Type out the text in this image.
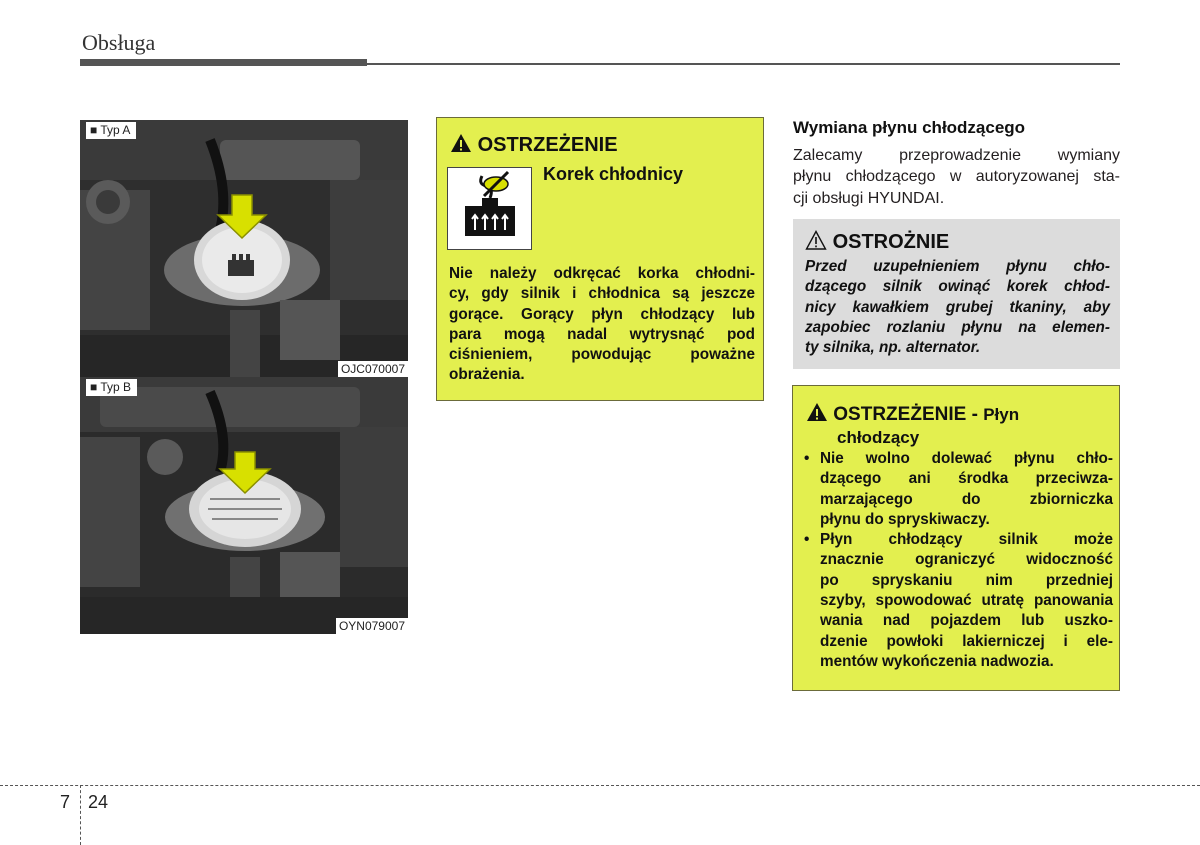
Obsługa
■ Typ A
OJC070007
■ Typ B
OYN079007
OSTRZEŻENIE
Korek chłodnicy
Nie należy odkręcać korka chłodni-
cy, gdy silnik i chłodnica są jeszcze
gorące. Gorący płyn chłodzący lub
para mogą nadal wytrysnąć pod
ciśnieniem, powodując poważne
obrażenia.
Wymiana płynu chłodzącego
Zalecamy przeprowadzenie wymiany
płynu chłodzącego w autoryzowanej sta-
cji obsługi HYUNDAI.
OSTROŻNIE
Przed uzupełnieniem płynu chło-
dzącego silnik owinąć korek chłod-
nicy kawałkiem grubej tkaniny, aby
zapobiec rozlaniu płynu na elemen-
ty silnika, np. alternator.
OSTRZEŻENIE - Płyn
chłodzący
• Nie wolno dolewać płynu chło-
dzącego ani środka przeciwza-
marzającego do zbiorniczka
płynu do spryskiwaczy.
• Płyn chłodzący silnik może
znacznie ograniczyć widoczność
po spryskaniu nim przedniej
szyby, spowodować utratę panowania
wania nad pojazdem lub uszko-
dzenie powłoki lakierniczej i ele-
mentów wykończenia nadwozia.
7 24
